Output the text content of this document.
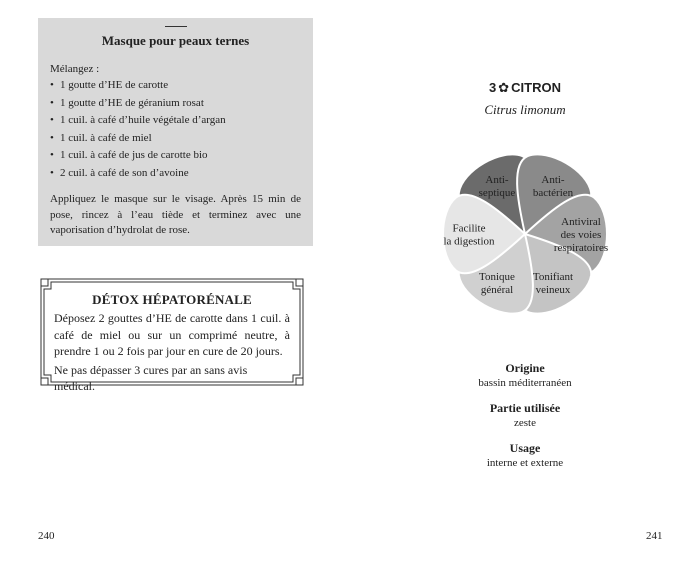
Masque pour peaux ternes
Mélangez :
• 1 goutte d’HE de carotte
• 1 goutte d’HE de géranium rosat
• 1 cuil. à café d’huile végétale d’argan
• 1 cuil. à café de miel
• 1 cuil. à café de jus de carotte bio
• 2 cuil. à café de son d’avoine

Appliquez le masque sur le visage. Après 15 min de pose, rincez à l’eau tiède et terminez avec une vaporisation d’hydrolat de rose.

DÉTOX HÉPATORÉNALE

Déposez 2 gouttes d’HE de carotte dans 1 cuil. à café de miel ou sur un comprimé neutre, à prendre 1 ou 2 fois par jour en cure de 20 jours.

Ne pas dépasser 3 cures par an sans avis médical.

240
3 ✿ CITRON
Citrus limonum
Anti-septique
Anti-bactérien
Antiviral des voies respiratoires
Tonifiant veineux
Tonique général
Facilite la digestion
Origine
bassin méditerranéen
Partie utilisée
zeste
Usage
interne et externe
241
